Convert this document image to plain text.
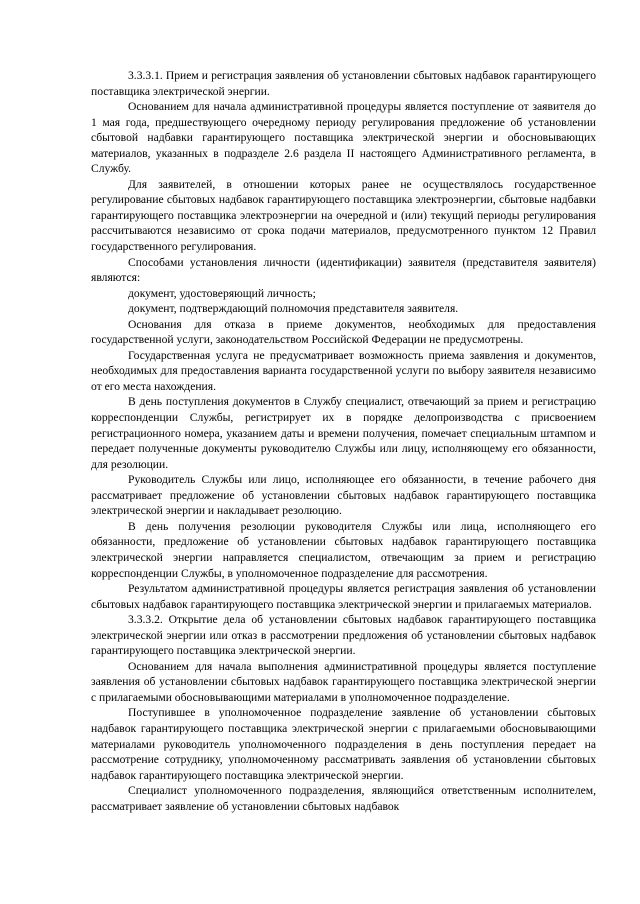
3.3.3.1. Прием и регистрация заявления об установлении сбытовых надбавок гарантирующего поставщика электрической энергии.

Основанием для начала административной процедуры является поступление от заявителя до 1 мая года, предшествующего очередному периоду регулирования предложение об установлении сбытовой надбавки гарантирующего поставщика электрической энергии и обосновывающих материалов, указанных в подразделе 2.6 раздела II настоящего Административного регламента, в Службу.

Для заявителей, в отношении которых ранее не осуществлялось государственное регулирование сбытовых надбавок гарантирующего поставщика электроэнергии, сбытовые надбавки гарантирующего поставщика электроэнергии на очередной и (или) текущий периоды регулирования рассчитываются независимо от срока подачи материалов, предусмотренного пунктом 12 Правил государственного регулирования.

Способами установления личности (идентификации) заявителя (представителя заявителя) являются:

документ, удостоверяющий личность;

документ, подтверждающий полномочия представителя заявителя.

Основания для отказа в приеме документов, необходимых для предоставления государственной услуги, законодательством Российской Федерации не предусмотрены.

Государственная услуга не предусматривает возможность приема заявления и документов, необходимых для предоставления варианта государственной услуги по выбору заявителя независимо от его места нахождения.

В день поступления документов в Службу специалист, отвечающий за прием и регистрацию корреспонденции Службы, регистрирует их в порядке делопроизводства с присвоением регистрационного номера, указанием даты и времени получения, помечает специальным штампом и передает полученные документы руководителю Службы или лицу, исполняющему его обязанности, для резолюции.

Руководитель Службы или лицо, исполняющее его обязанности, в течение рабочего дня рассматривает предложение об установлении сбытовых надбавок гарантирующего поставщика электрической энергии и накладывает резолюцию.

В день получения резолюции руководителя Службы или лица, исполняющего его обязанности, предложение об установлении сбытовых надбавок гарантирующего поставщика электрической энергии направляется специалистом, отвечающим за прием и регистрацию корреспонденции Службы, в уполномоченное подразделение для рассмотрения.

Результатом административной процедуры является регистрация заявления об установлении сбытовых надбавок гарантирующего поставщика электрической энергии и прилагаемых материалов.

3.3.3.2. Открытие дела об установлении сбытовых надбавок гарантирующего поставщика электрической энергии или отказ в рассмотрении предложения об установлении сбытовых надбавок гарантирующего поставщика электрической энергии.

Основанием для начала выполнения административной процедуры является поступление заявления об установлении сбытовых надбавок гарантирующего поставщика электрической энергии с прилагаемыми обосновывающими материалами в уполномоченное подразделение.

Поступившее в уполномоченное подразделение заявление об установлении сбытовых надбавок гарантирующего поставщика электрической энергии с прилагаемыми обосновывающими материалами руководитель уполномоченного подразделения в день поступления передает на рассмотрение сотруднику, уполномоченному рассматривать заявления об установлении сбытовых надбавок гарантирующего поставщика электрической энергии.

Специалист уполномоченного подразделения, являющийся ответственным исполнителем, рассматривает заявление об установлении сбытовых надбавок
